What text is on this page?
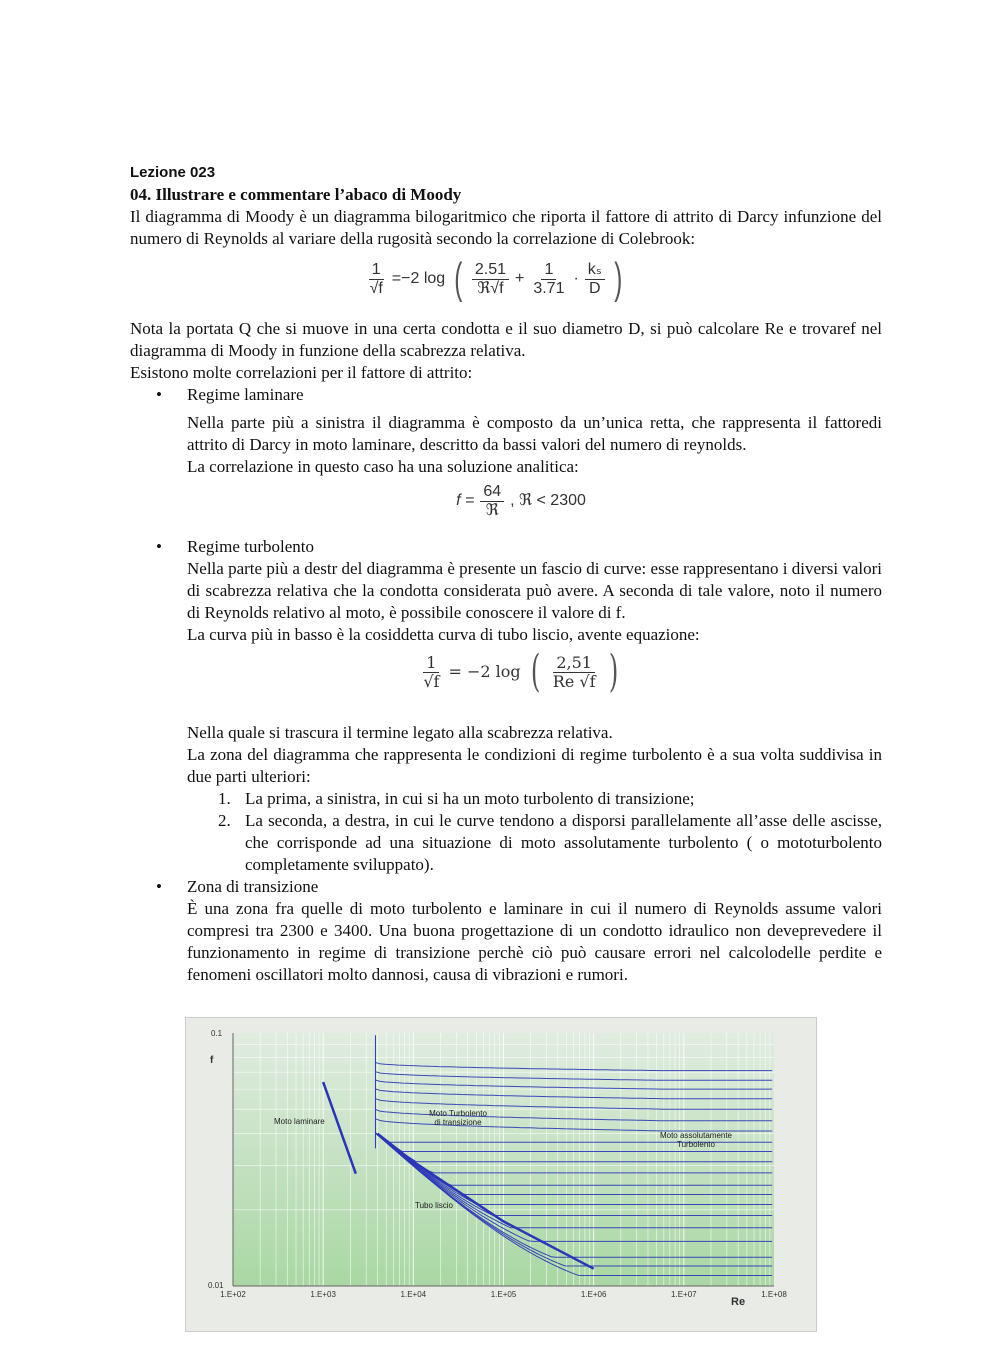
Lezione 023
04. Illustrare e commentare l’abaco di Moody
Il diagramma di Moody è un diagramma bilogaritmico che riporta il fattore di attrito di Darcy infunzione del numero di Reynolds al variare della rugosità secondo la correlazione di Colebrook:
$\frac{1}{√f} =-2$ log ( $\frac{2.51}{\text{ℜ√f}} + \frac{1}{3.71} \cdot \frac{\text{kₛ}}{D}$ )
Nota la portata Q che si muove in una certa condotta e il suo diametro D, si può calcolare Re e trovaref nel diagramma di Moody in funzione della scabrezza relativa.
Esistono molte correlazioni per il fattore di attrito:
• Regime laminare
Nella parte più a sinistra il diagramma è composto da un’unica retta, che rappresenta il fattoredi attrito di Darcy in moto laminare, descritto da bassi valori del numero di reynolds.
La correlazione in questo caso ha una soluzione analitica:
$f = \frac{64}{\text{ℜ}}$ , ℜ < 2300
• Regime turbolento
Nella parte più a destr del diagramma è presente un fascio di curve: esse rappresentano i diversi valori di scabrezza relativa che la condotta considerata può avere. A seconda di tale valore, noto il numero di Reynolds relativo al moto, è possibile conoscere il valore di f.
La curva più in basso è la cosiddetta curva di tubo liscio, avente equazione:
$\frac{1}{√f} = -2$ log ( $\frac{2,51}{Re √f}$ )
Nella quale si trascura il termine legato alla scabrezza relativa.
La zona del diagramma che rappresenta le condizioni di regime turbolento è a sua volta suddivisa in due parti ulteriori:
1. La prima, a sinistra, in cui si ha un moto turbolento di transizione;
2. La seconda, a destra, in cui le curve tendono a disporsi parallelamente all’asse delle ascisse, che corrisponde ad una situazione di moto assolutamente turbolento ( o mototurbolento completamente sviluppato).
• Zona di transizione
È una zona fra quelle di moto turbolento e laminare in cui il numero di Reynolds assume valori compresi tra 2300 e 3400. Una buona progettazione di un condotto idraulico non deveprevedere il funzionamento in regime di transizione perchè ciò può causare errori nel calcolodelle perdite e fenomeni oscillatori molto dannosi, causa di vibrazioni e rumori.
1.E+02	1.E+03	1.E+04	1.E+05	1.E+06	1.E+07	1.E+08
0.1
0.01
f
Re
Moto laminare
Moto Turbolento
di transizione
Moto assolutamente
Turbolento
Tubo liscio
